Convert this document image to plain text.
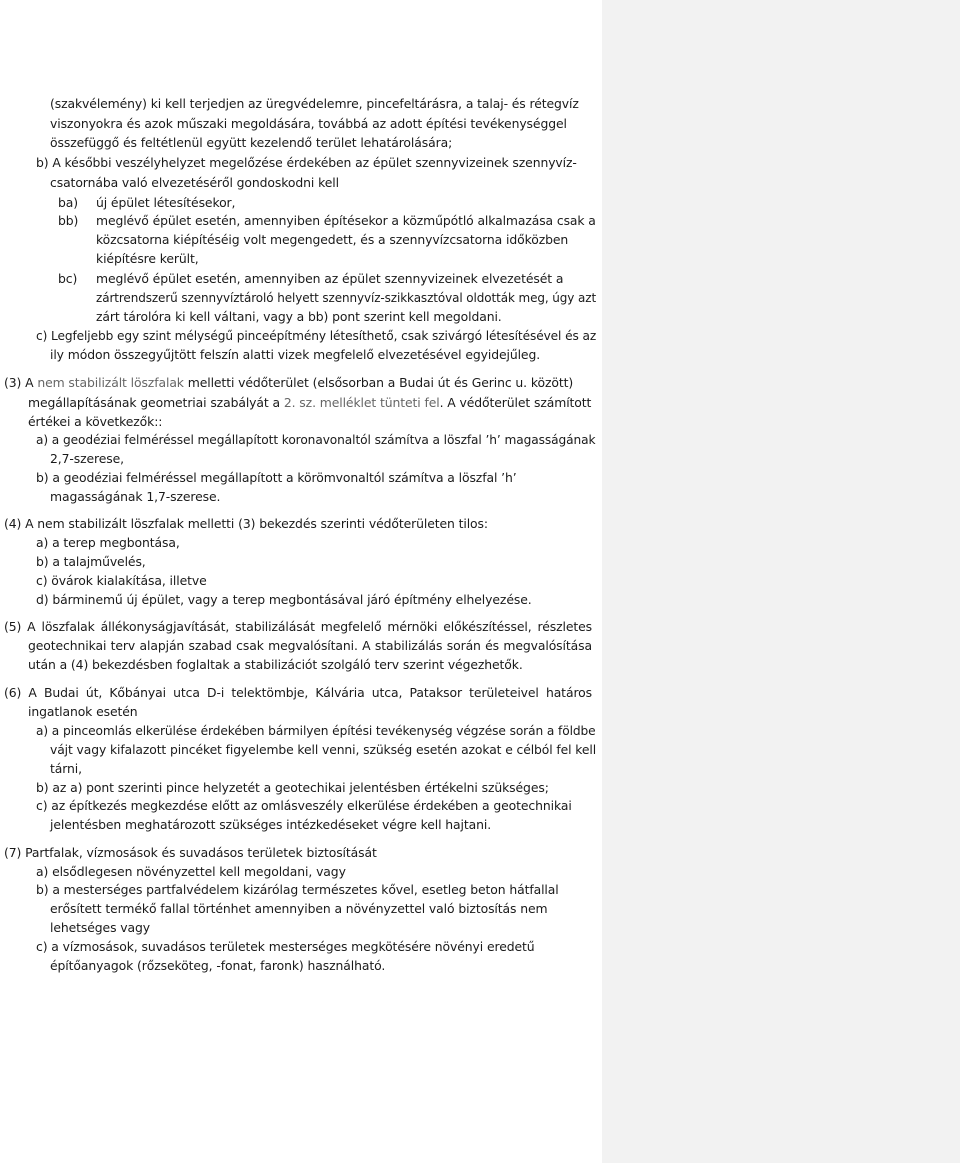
(szakvélemény) ki kell terjedjen az üregvédelemre, pincefeltárásra, a talaj- és rétegvíz
viszonyokra és azok műszaki megoldására, továbbá az adott építési tevékenységgel
összefüggő és feltétlenül együtt kezelendő terület lehatárolására;
b) A későbbi veszélyhelyzet megelőzése érdekében az épület szennyvizeinek szennyvíz-
csatornába való elvezetéséről gondoskodni kell
ba) új épület létesítésekor,
bb) meglévő épület esetén, amennyiben építésekor a közműpótló alkalmazása csak a
közcsatorna kiépítéséig volt megengedett, és a szennyvízcsatorna időközben
kiépítésre került,
bc) meglévő épület esetén, amennyiben az épület szennyvizeinek elvezetését a
zártrendszerű szennyvíztároló helyett szennyvíz-szikkasztóval oldották meg, úgy azt
zárt tárolóra ki kell váltani, vagy a bb) pont szerint kell megoldani.
c) Legfeljebb egy szint mélységű pinceépítmény létesíthető, csak szivárgó létesítésével és az
ily módon összegyűjtött felszín alatti vizek megfelelő elvezetésével egyidejűleg.
(3) A nem stabilizált löszfalak melletti védőterület (elsősorban a Budai út és Gerinc u. között)
megállapításának geometriai szabályát a 2. sz. melléklet tünteti fel. A védőterület számított
értékei a következők::
a) a geodéziai felméréssel megállapított koronavonaltól számítva a löszfal ’h’ magasságának
2,7-szerese,
b) a geodéziai felméréssel megállapított a körömvonaltól számítva a löszfal ’h’
magasságának 1,7-szerese.
(4) A nem stabilizált löszfalak melletti (3) bekezdés szerinti védőterületen tilos:
a) a terep megbontása,
b) a talajművelés,
c) övárok kialakítása, illetve
d) bárminemű új épület, vagy a terep megbontásával járó építmény elhelyezése.
(5) A löszfalak állékonyságjavítását, stabilizálását megfelelő mérnöki előkészítéssel, részletes
geotechnikai terv alapján szabad csak megvalósítani. A stabilizálás során és megvalósítása
után a (4) bekezdésben foglaltak a stabilizációt szolgáló terv szerint végezhetők.
(6) A Budai út, Kőbányai utca D-i telektömbje, Kálvária utca, Pataksor területeivel határos
ingatlanok esetén
a) a pinceomlás elkerülése érdekében bármilyen építési tevékenység végzése során a földbe
vájt vagy kifalazott pincéket figyelembe kell venni, szükség esetén azokat e célból fel kell
tárni,
b) az a) pont szerinti pince helyzetét a geotechikai jelentésben értékelni szükséges;
c) az építkezés megkezdése előtt az omlásveszély elkerülése érdekében a geotechnikai
jelentésben meghatározott szükséges intézkedéseket végre kell hajtani.
(7) Partfalak, vízmosások és suvadásos területek biztosítását
a) elsődlegesen növényzettel kell megoldani, vagy
b) a mesterséges partfalvédelem kizárólag természetes kővel, esetleg beton hátfallal
erősített termékő fallal történhet amennyiben a növényzettel való biztosítás nem
lehetséges vagy
c) a vízmosások, suvadásos területek mesterséges megkötésére növényi eredetű
építőanyagok (rőzseköteg, -fonat, faronk) használható.
